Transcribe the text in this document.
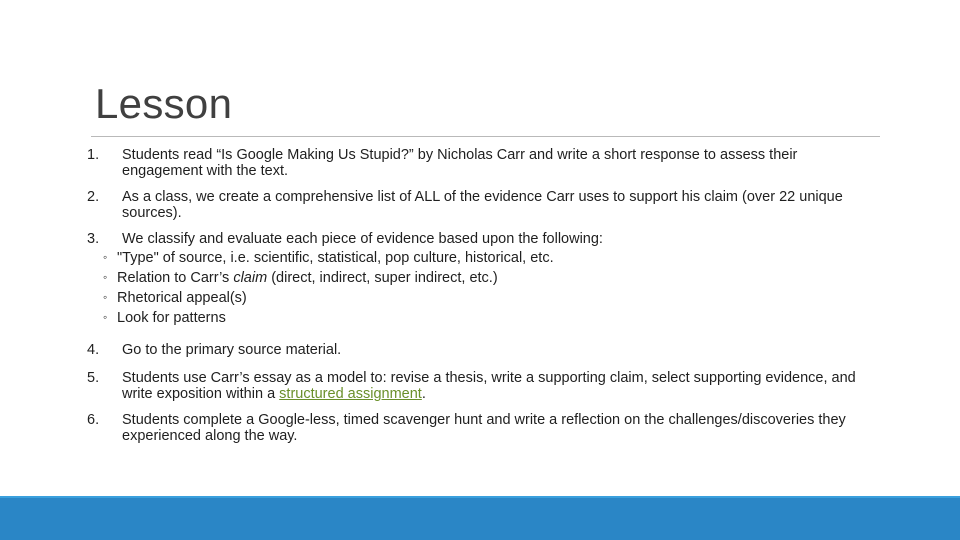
Lesson
1. Students read “Is Google Making Us Stupid?” by Nicholas Carr and write a short response to assess their engagement with the text.
2. As a class, we create a comprehensive list of ALL of the evidence Carr uses to support his claim (over 22 unique sources).
3. We classify and evaluate each piece of evidence based upon the following:
◦ "Type" of source, i.e. scientific, statistical, pop culture, historical, etc.
◦ Relation to Carr’s claim (direct, indirect, super indirect, etc.)
◦ Rhetorical appeal(s)
◦ Look for patterns
4. Go to the primary source material.
5. Students use Carr’s essay as a model to: revise a thesis, write a supporting claim, select supporting evidence, and write exposition within a structured assignment.
6. Students complete a Google-less, timed scavenger hunt and write a reflection on the challenges/discoveries they experienced along the way.
